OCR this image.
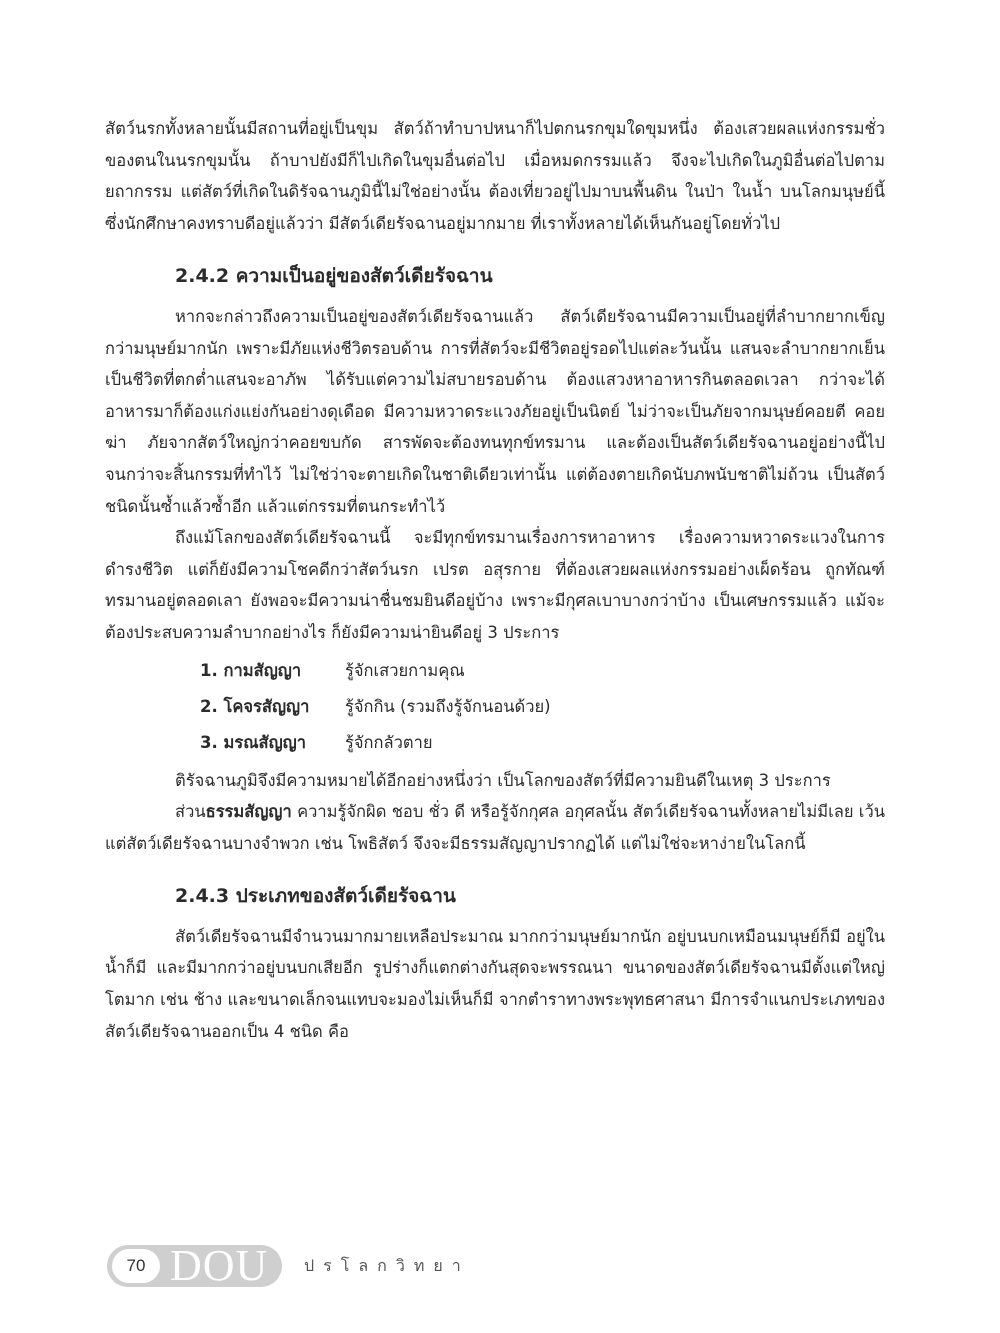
สัตว์นรกทั้งหลายนั้นมีสถานที่อยู่เป็นขุม สัตว์ถ้าทำบาปหนาก็ไปตกนรกขุมใดขุมหนึ่ง ต้องเสวยผลแห่งกรรมชั่วของตนในนรกขุมนั้น ถ้าบาปยังมีก็ไปเกิดในขุมอื่นต่อไป เมื่อหมดกรรมแล้ว จึงจะไปเกิดในภูมิอื่นต่อไปตามยถากรรม แต่สัตว์ที่เกิดในดิรัจฉานภูมินี้ไม่ใช่อย่างนั้น ต้องเที่ยวอยู่ไปมาบนพื้นดิน ในป่า ในน้ำ บนโลกมนุษย์นี้ ซึ่งนักศึกษาคงทราบดีอยู่แล้วว่า มีสัตว์เดียรัจฉานอยู่มากมาย ที่เราทั้งหลายได้เห็นกันอยู่โดยทั่วไป

2.4.2 ความเป็นอยู่ของสัตว์เดียรัจฉาน

หากจะกล่าวถึงความเป็นอยู่ของสัตว์เดียรัจฉานแล้ว สัตว์เดียรัจฉานมีความเป็นอยู่ที่ลำบากยากเข็ญกว่ามนุษย์มากนัก เพราะมีภัยแห่งชีวิตรอบด้าน การที่สัตว์จะมีชีวิตอยู่รอดไปแต่ละวันนั้น แสนจะลำบากยากเย็น เป็นชีวิตที่ตกต่ำแสนจะอาภัพ ได้รับแต่ความไม่สบายรอบด้าน ต้องแสวงหาอาหารกินตลอดเวลา กว่าจะได้อาหารมาก็ต้องแก่งแย่งกันอย่างดุเดือด มีความหวาดระแวงภัยอยู่เป็นนิตย์ ไม่ว่าจะเป็นภัยจากมนุษย์คอยตี คอยฆ่า ภัยจากสัตว์ใหญ่กว่าคอยขบกัด สารพัดจะต้องทนทุกข์ทรมาน และต้องเป็นสัตว์เดียรัจฉานอยู่อย่างนี้ไปจนกว่าจะสิ้นกรรมที่ทำไว้ ไม่ใช่ว่าจะตายเกิดในชาติเดียวเท่านั้น แต่ต้องตายเกิดนับภพนับชาติไม่ถ้วน เป็นสัตว์ชนิดนั้นซ้ำแล้วซ้ำอีก แล้วแต่กรรมที่ตนกระทำไว้

ถึงแม้โลกของสัตว์เดียรัจฉานนี้ จะมีทุกข์ทรมานเรื่องการหาอาหาร เรื่องความหวาดระแวงในการดำรงชีวิต แต่ก็ยังมีความโชคดีกว่าสัตว์นรก เปรต อสุรกาย ที่ต้องเสวยผลแห่งกรรมอย่างเผ็ดร้อน ถูกทัณฑ์ทรมานอยู่ตลอดเลา ยังพอจะมีความน่าชื่นชมยินดีอยู่บ้าง เพราะมีกุศลเบาบางกว่าบ้าง เป็นเศษกรรมแล้ว แม้จะต้องประสบความลำบากอย่างไร ก็ยังมีความน่ายินดีอยู่ 3 ประการ

1. กามสัญญา	รู้จักเสวยกามคุณ
2. โคจรสัญญา	รู้จักกิน (รวมถึงรู้จักนอนด้วย)
3. มรณสัญญา	รู้จักกลัวตาย

ติรัจฉานภูมิจึงมีความหมายได้อีกอย่างหนึ่งว่า เป็นโลกของสัตว์ที่มีความยินดีในเหตุ 3 ประการ

ส่วนธรรมสัญญา ความรู้จักผิด ชอบ ชั่ว ดี หรือรู้จักกุศล อกุศลนั้น สัตว์เดียรัจฉานทั้งหลายไม่มีเลย เว้นแต่สัตว์เดียรัจฉานบางจำพวก เช่น โพธิสัตว์ จึงจะมีธรรมสัญญาปรากฏได้ แต่ไม่ใช่จะหาง่ายในโลกนี้

2.4.3 ประเภทของสัตว์เดียรัจฉาน

สัตว์เดียรัจฉานมีจำนวนมากมายเหลือประมาณ มากกว่ามนุษย์มากนัก อยู่บนบกเหมือนมนุษย์ก็มี อยู่ในน้ำก็มี และมีมากกว่าอยู่บนบกเสียอีก รูปร่างก็แตกต่างกันสุดจะพรรณนา ขนาดของสัตว์เดียรัจฉานมีตั้งแต่ใหญ่โตมาก เช่น ช้าง และขนาดเล็กจนแทบจะมองไม่เห็นก็มี จากตำราทางพระพุทธศาสนา มีการจำแนกประเภทของสัตว์เดียรัจฉานออกเป็น 4 ชนิด คือ

70 DOU ปรโลกวิทยา
